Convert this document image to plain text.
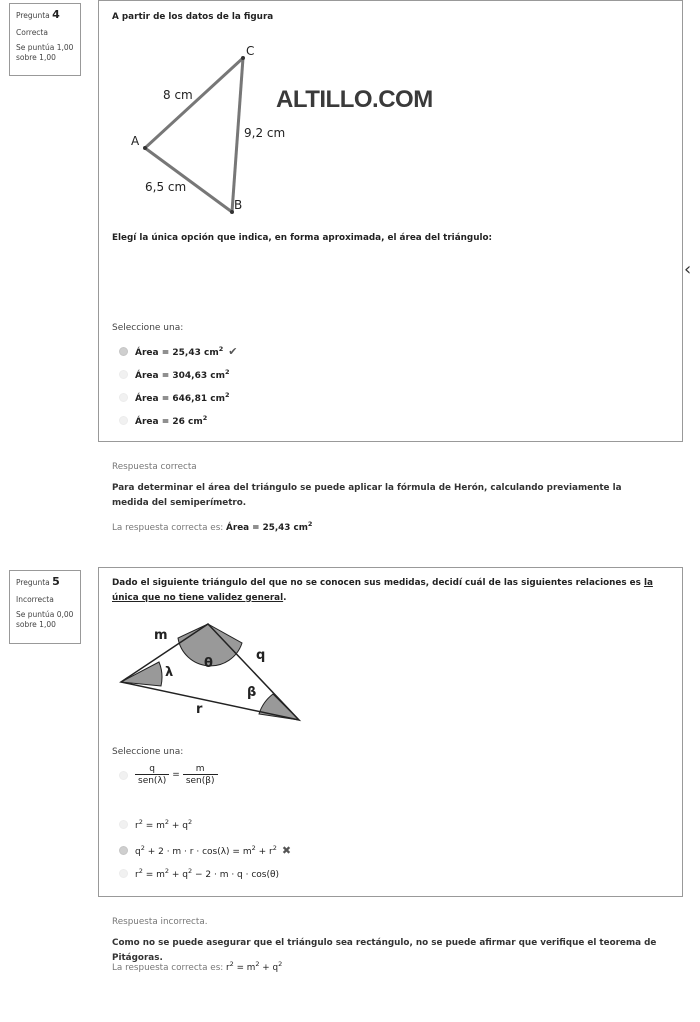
Pregunta 4
Correcta
Se puntúa 1,00
sobre 1,00
A partir de los datos de la figura
C
A
B
8 cm
9,2 cm
6,5 cm
Elegí la única opción que indica, en forma aproximada, el área del triángulo:
Seleccione una:
Área = 25,43 $cm^2$ ✔
Área = 304,63 $cm^2$
Área = 646,81 $cm^2$
Área = 26 $cm^2$
ALTILLO.COM
‹
Respuesta correcta
Para determinar el área del triángulo se puede aplicar la fórmula de Herón, calculando previamente la medida del semiperímetro.
La respuesta correcta es: Área = 25,43 $cm^2$
Pregunta 5
Incorrecta
Se puntúa 0,00
sobre 1,00
Dado el siguiente triángulo del que no se conocen sus medidas, decidí cuál de las siguientes relaciones es la única que no tiene validez general.
m
q
r
λ
θ
β
Seleccione una:
$\frac{q}{\text{sen(λ)}} = \frac{m}{\text{sen(β)}}$
$r^2 = m^2 + q^2$
$q^2 + 2 \cdot m \cdot r \cdot \cos(\lambda) = m^2 + r^2$ ✖
$r^2 = m^2 + q^2 - 2 \cdot m \cdot q \cdot \cos(\theta)$
Respuesta incorrecta.
Como no se puede asegurar que el triángulo sea rectángulo, no se puede afirmar que verifique el teorema de Pitágoras.
La respuesta correcta es: $r^2 = m^2 + q^2$
